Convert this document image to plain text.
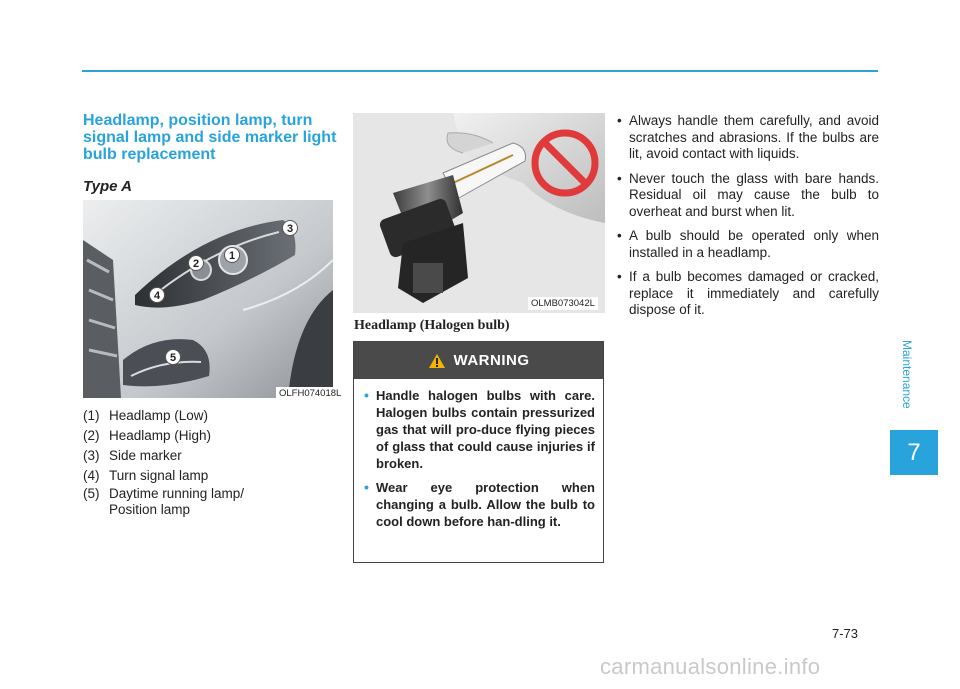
Headlamp, position lamp, turn signal lamp and side marker light bulb replacement
Type A
1
2
3
4
5
OLFH074018L
(1) Headlamp (Low)
(2) Headlamp (High)
(3) Side marker
(4) Turn signal lamp
(5) Daytime running lamp/ Position lamp
OLMB073042L
Headlamp (Halogen bulb)
WARNING
• Handle halogen bulbs with care. Halogen bulbs contain pressurized gas that will pro-duce flying pieces of glass that could cause injuries if broken.
• Wear eye protection when changing a bulb. Allow the bulb to cool down before han-dling it.
• Always handle them carefully, and avoid scratches and abrasions. If the bulbs are lit, avoid contact with liquids.
• Never touch the glass with bare hands. Residual oil may cause the bulb to overheat and burst when lit.
• A bulb should be operated only when installed in a headlamp.
• If a bulb becomes damaged or cracked, replace it immediately and carefully dispose of it.
Maintenance
7
7-73
carmanualsonline.info
